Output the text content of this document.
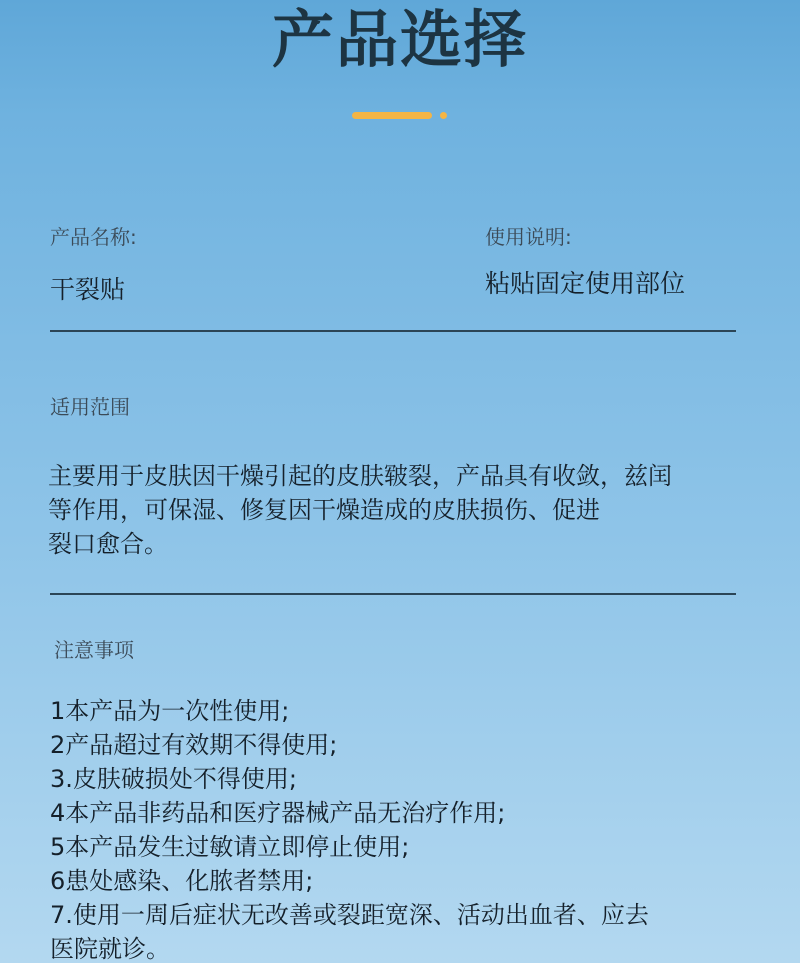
产品选择
产品名称:
干裂贴
使用说明:
粘贴固定使用部位
适用范围
主要用于皮肤因干燥引起的皮肤皲裂，产品具有收敛，兹闰
等作用，可保湿、修复因干燥造成的皮肤损伤、促进
裂口愈合。
注意事项
1本产品为一次性使用;
2产品超过有效期不得使用;
3.皮肤破损处不得使用;
4本产品非药品和医疗器械产品无治疗作用;
5本产品发生过敏请立即停止使用;
6患处感染、化脓者禁用;
7.使用一周后症状无改善或裂距宽深、活动出血者、应去
医院就诊。
